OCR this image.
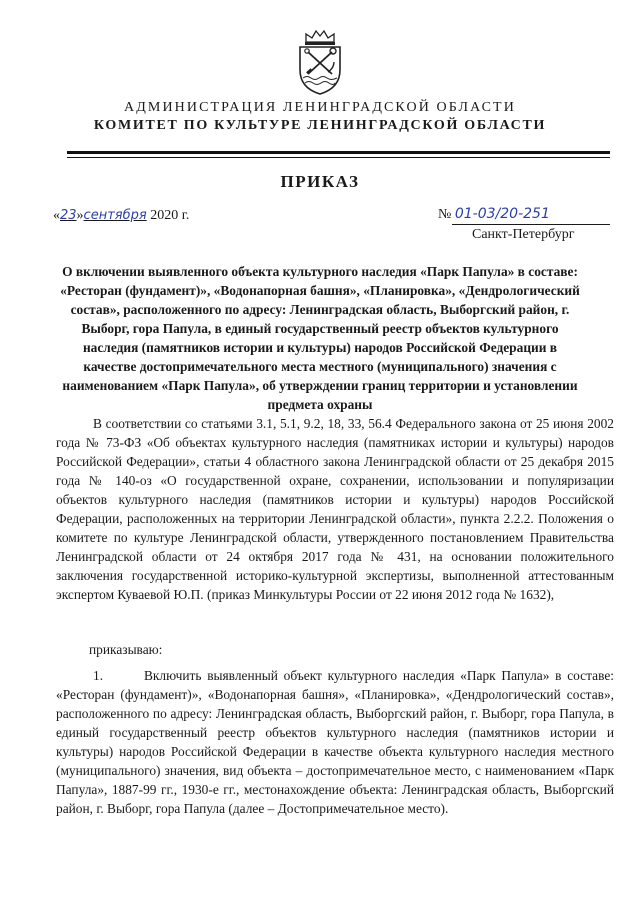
АДМИНИСТРАЦИЯ ЛЕНИНГРАДСКОЙ ОБЛАСТИ
КОМИТЕТ ПО КУЛЬТУРЕ ЛЕНИНГРАДСКОЙ ОБЛАСТИ
ПРИКАЗ
«23»сентября 2020 г.	№ 01-03/20-251
Санкт-Петербург
О включении выявленного объекта культурного наследия «Парк Папула» в составе: «Ресторан (фундамент)», «Водонапорная башня», «Планировка», «Дендрологический состав», расположенного по адресу: Ленинградская область, Выборгский район, г. Выборг, гора Папула, в единый государственный реестр объектов культурного наследия (памятников истории и культуры) народов Российской Федерации в качестве достопримечательного места местного (муниципального) значения с наименованием «Парк Папула», об утверждении границ территории и установлении предмета охраны
В соответствии со статьями 3.1, 5.1, 9.2, 18, 33, 56.4 Федерального закона от 25 июня 2002 года № 73-ФЗ «Об объектах культурного наследия (памятниках истории и культуры) народов Российской Федерации», статьи 4 областного закона Ленинградской области от 25 декабря 2015 года № 140-оз «О государственной охране, сохранении, использовании и популяризации объектов культурного наследия (памятников истории и культуры) народов Российской Федерации, расположенных на территории Ленинградской области», пункта 2.2.2. Положения о комитете по культуре Ленинградской области, утвержденного постановлением Правительства Ленинградской области от 24 октября 2017 года № 431, на основании положительного заключения государственной историко-культурной экспертизы, выполненной аттестованным экспертом Куваевой Ю.П. (приказ Минкультуры России от 22 июня 2012 года № 1632),
приказываю:
1.	Включить выявленный объект культурного наследия «Парк Папула» в составе: «Ресторан (фундамент)», «Водонапорная башня», «Планировка», «Дендрологический состав», расположенного по адресу: Ленинградская область, Выборгский район, г. Выборг, гора Папула, в единый государственный реестр объектов культурного наследия (памятников истории и культуры) народов Российской Федерации в качестве объекта культурного наследия местного (муниципального) значения, вид объекта – достопримечательное место, с наименованием «Парк Папула», 1887-99 гг., 1930-е гг., местонахождение объекта: Ленинградская область, Выборгский район, г. Выборг, гора Папула (далее – Достопримечательное место).
